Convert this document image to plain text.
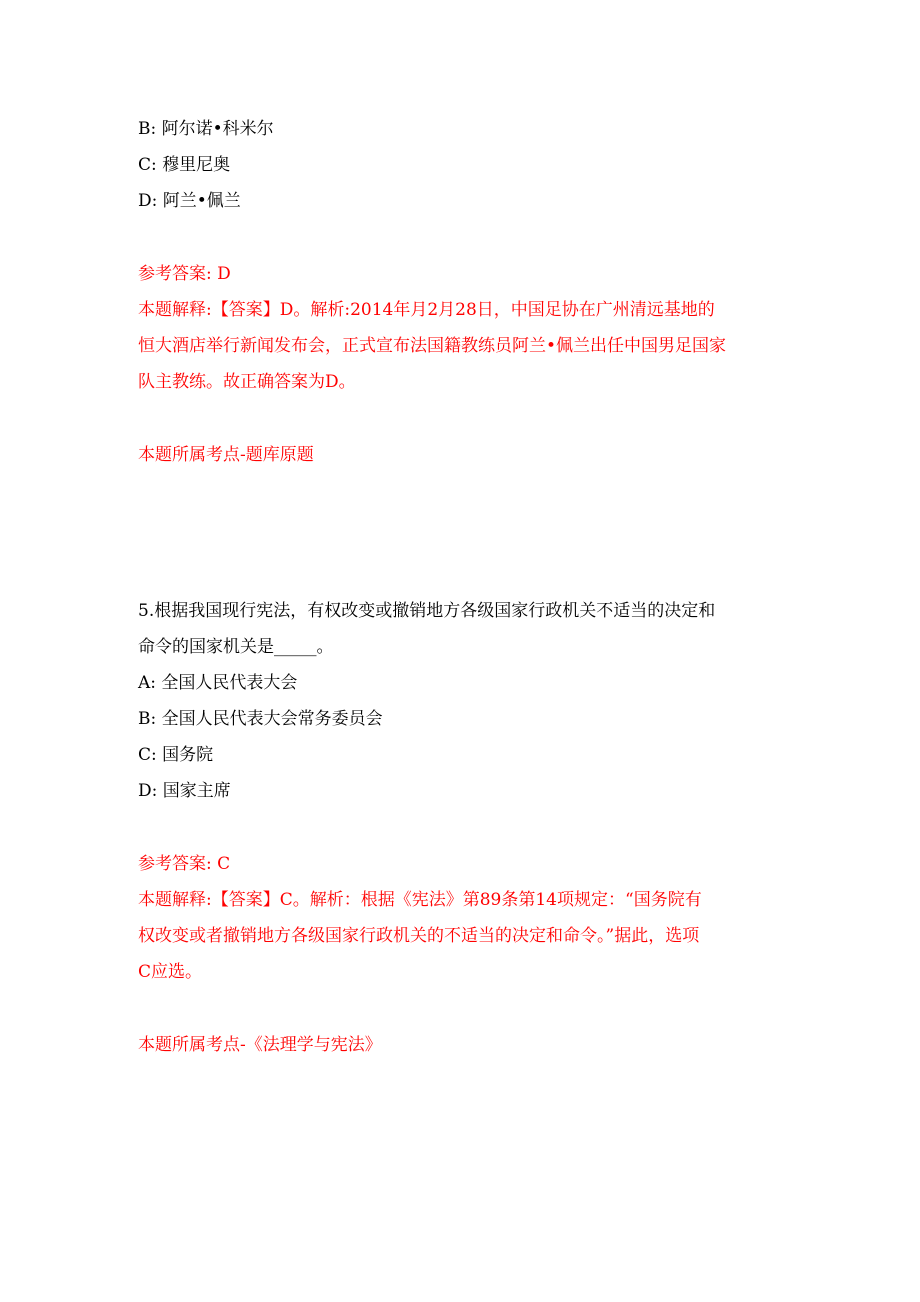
B: 阿尔诺•科米尔
C: 穆里尼奥
D: 阿兰•佩兰
参考答案: D
本题解释:【答案】D。解析:2014年月2月28日，中国足协在广州清远基地的
恒大酒店举行新闻发布会，正式宣布法国籍教练员阿兰•佩兰出任中国男足国家
队主教练。故正确答案为D。
本题所属考点-题库原题
5.根据我国现行宪法，有权改变或撤销地方各级国家行政机关不适当的决定和
命令的国家机关是_____。
A: 全国人民代表大会
B: 全国人民代表大会常务委员会
C: 国务院
D: 国家主席
参考答案: C
本题解释:【答案】C。解析：根据《宪法》第89条第14项规定：“国务院有
权改变或者撤销地方各级国家行政机关的不适当的决定和命令。”据此，选项
C应选。
本题所属考点-《法理学与宪法》
